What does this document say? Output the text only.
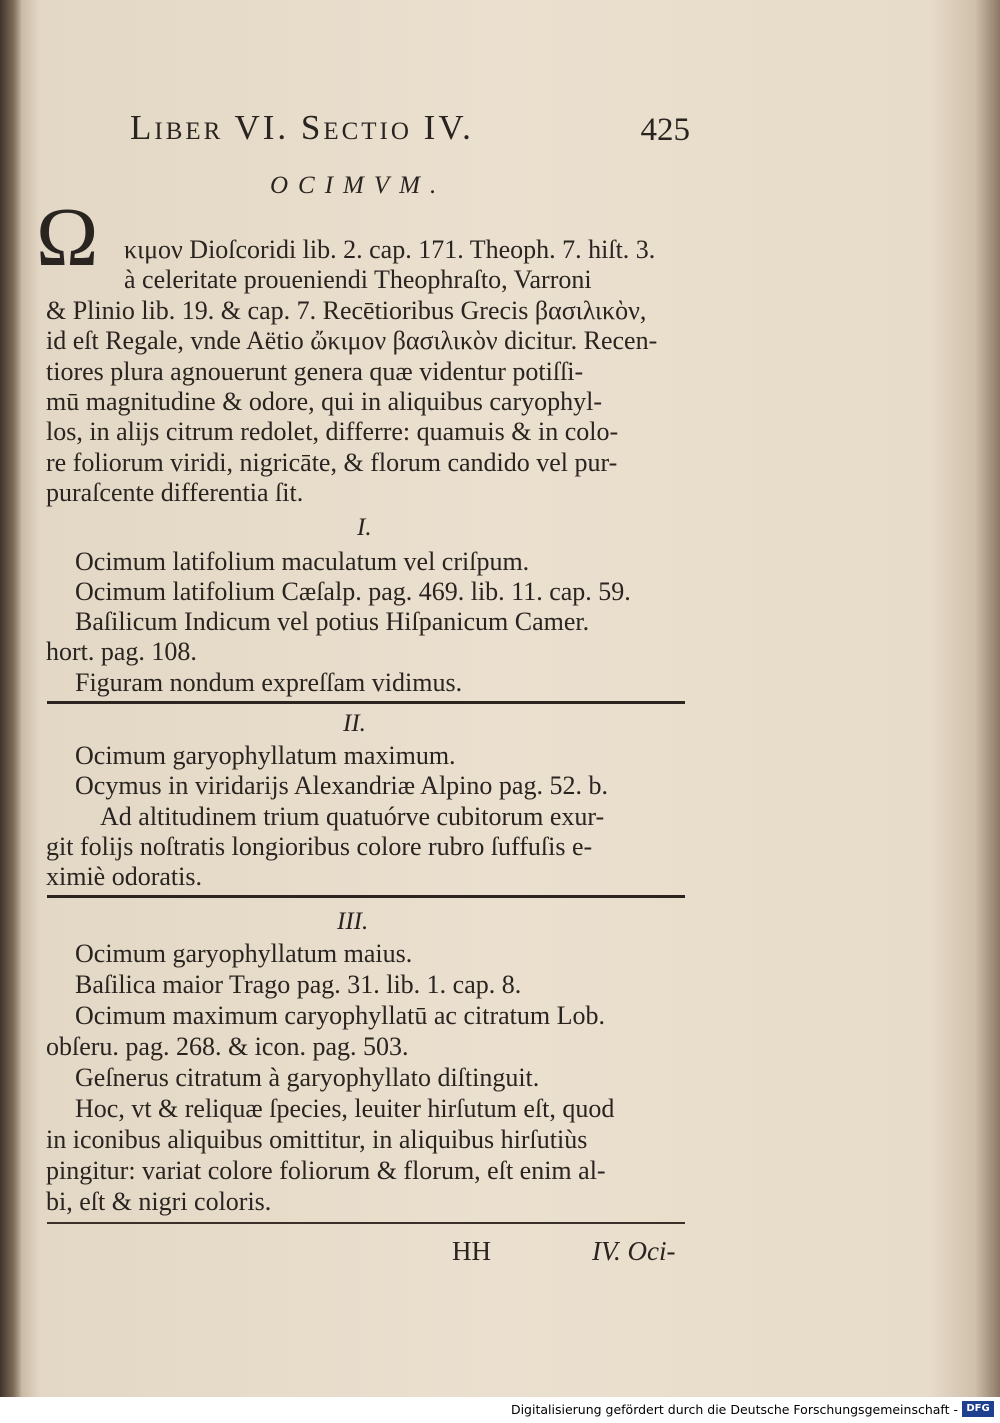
Liber VI. Sectio IV.	425
OCIMVM.
Ω κιμον Dioſcoridi lib. 2. cap. 171. Theoph. 7. hiſt. 3.
à celeritate proueniendi Theophraſto, Varroni
& Plinio lib. 19. & cap. 7. Recētioribus Grecis βασιλικὸν,
id eſt Regale, vnde Aëtio ὤκιμον βασιλικὸν dicitur. Recen-
tiores plura agnouerunt genera quæ videntur potiſſi-
mū magnitudine & odore, qui in aliquibus caryophyl-
los, in alijs citrum redolet, differre: quamuis & in colo-
re foliorum viridi, nigricāte, & florum candido vel pur-
puraſcente differentia ſit.
I.
Ocimum latifolium maculatum vel criſpum.
Ocimum latifolium Cæſalp. pag. 469. lib. 11. cap. 59.
Baſilicum Indicum vel potius Hiſpanicum Camer.
hort. pag. 108.
Figuram nondum expreſſam vidimus.
II.
Ocimum garyophyllatum maximum.
Ocymus in viridarijs Alexandriæ Alpino pag. 52. b.
Ad altitudinem trium quatuórve cubitorum exur-
git folijs noſtratis longioribus colore rubro ſuffuſis e-
ximiè odoratis.
III.
Ocimum garyophyllatum maius.
Baſilica maior Trago pag. 31. lib. 1. cap. 8.
Ocimum maximum caryophyllatū ac citratum Lob.
obſeru. pag. 268. & icon. pag. 503.
Geſnerus citratum à garyophyllato diſtinguit.
Hoc, vt & reliquæ ſpecies, leuiter hirſutum eſt, quod
in iconibus aliquibus omittitur, in aliquibus hirſutiùs
pingitur: variat colore foliorum & florum, eſt enim al-
bi, eſt & nigri coloris.
HH	IV. Oci-
Digitalisierung gefördert durch die Deutsche Forschungsgemeinschaft - DFG
